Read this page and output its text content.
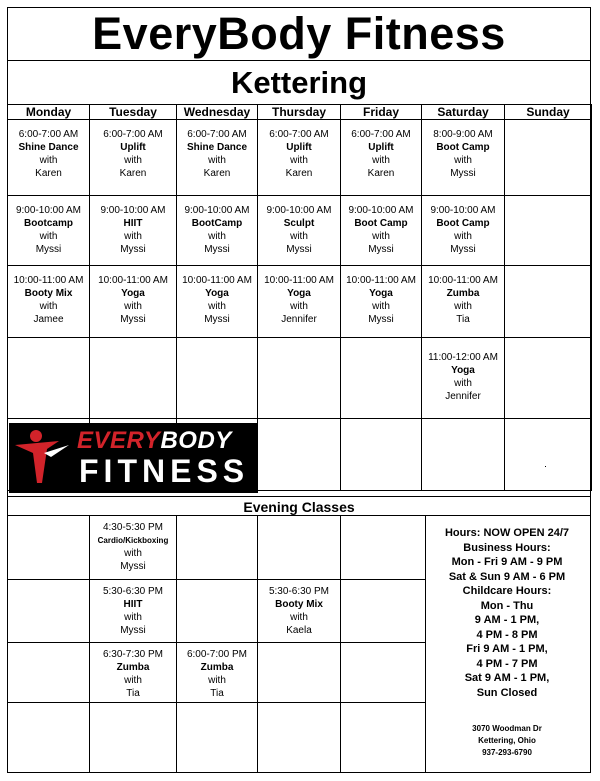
EveryBody Fitness
Kettering
Monday	Tuesday	Wednesday	Thursday	Friday	Saturday	Sunday

6:00-7:00 AM
Shine Dance
with
Karen	6:00-7:00 AM
Uplift
with
Karen	6:00-7:00 AM
Shine Dance
with
Karen	6:00-7:00 AM
Uplift
with
Karen	6:00-7:00 AM
Uplift
with
Karen	8:00-9:00 AM
Boot Camp
with
Myssi	

9:00-10:00 AM
Bootcamp
with
Myssi	9:00-10:00 AM
HIIT
with
Myssi	9:00-10:00 AM
BootCamp
with
Myssi	9:00-10:00 AM
Sculpt
with
Myssi	9:00-10:00 AM
Boot Camp
with
Myssi	9:00-10:00 AM
Boot Camp
with
Myssi	

10:00-11:00 AM
Booty Mix
with
Jamee	10:00-11:00 AM
Yoga
with
Myssi	10:00-11:00 AM
Yoga
with
Myssi	10:00-11:00 AM
Yoga
with
Jennifer	10:00-11:00 AM
Yoga
with
Myssi	10:00-11:00 AM
Zumba
with
Tia	

					11:00-12:00 AM
Yoga
with
Jennifer	

EVERYBODY
FITNESS
Evening Classes

	4:30-5:30 PM
Cardio/Kickboxing
with
Myssi			

	5:30-6:30 PM
HIIT
with
Myssi		5:30-6:30 PM
Booty Mix
with
Kaela	

	6:30-7:30 PM
Zumba
with
Tia	6:00-7:00 PM
Zumba
with
Tia		

Hours: NOW OPEN 24/7
Business Hours:
Mon - Fri 9 AM - 9 PM
Sat & Sun 9 AM - 6 PM
Childcare Hours:
Mon - Thu
9 AM - 1 PM,
4 PM - 8 PM
Fri 9 AM - 1 PM,
4 PM - 7 PM
Sat 9 AM - 1 PM,
Sun Closed
3070 Woodman Dr
Kettering, Ohio
937-293-6790
